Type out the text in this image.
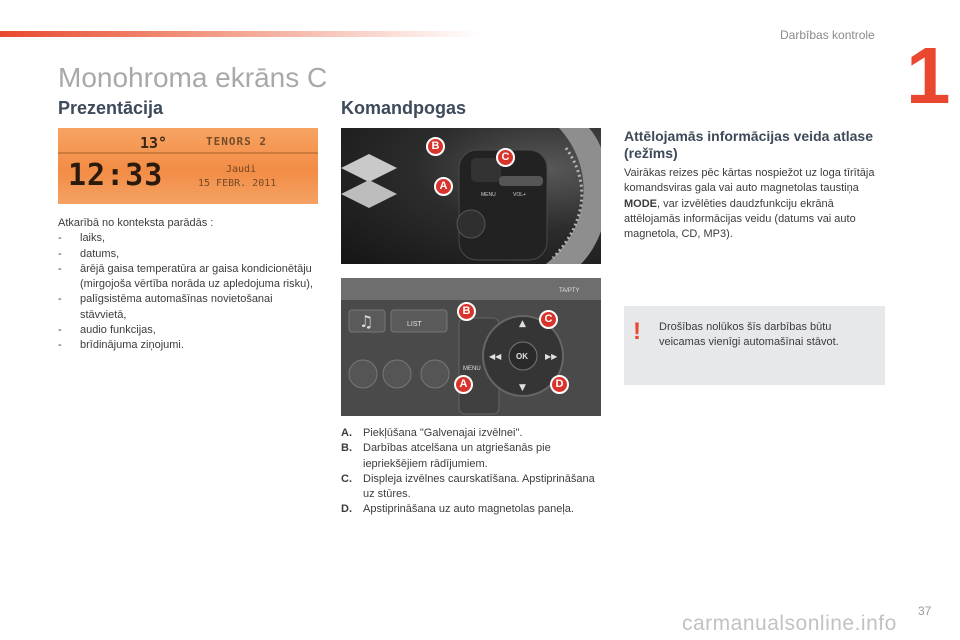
Darbības kontrole 1
Monohroma ekrāns C
Prezentācija
13°	TENORS 2
12:33	Jaudi
15 FEBR. 2011
Atkarībā no konteksta parādās :
- laiks,
- datums,
- ārējā gaisa temperatūra ar gaisa kondicionētāju (mirgojoša vērtība norāda uz apledojuma risku),
- palīgsistēma automašīnas novietošanai stāvvietā,
- audio funkcijas,
- brīdinājuma ziņojumi.
Komandpogas
MENU	VOL+
B
C
A
♫	LIST
MENU
OK
▲
▼
◀◀	▶▶
TA/PTY
B
C
A	D
A. Piekļūšana "Galvenajai izvēlnei".
B. Darbības atcelšana un atgriešanās pie iepriekšējiem rādījumiem.
C. Displeja izvēlnes caurskatīšana. Apstiprināšana uz stūres.
D. Apstiprināšana uz auto magnetolas paneļa.
Attēlojamās informācijas veida atlase (režīms)
Vairākas reizes pēc kārtas nospiežot uz loga tīrītāja komandsviras gala vai auto magnetolas taustiņa MODE, var izvēlēties daudzfunkciju ekrānā attēlojamās informācijas veidu (datums vai auto magnetola, CD, MP3).
! Drošības nolūkos šīs darbības būtu veicamas vienīgi automašīnai stāvot.
37
carmanualsonline.info
